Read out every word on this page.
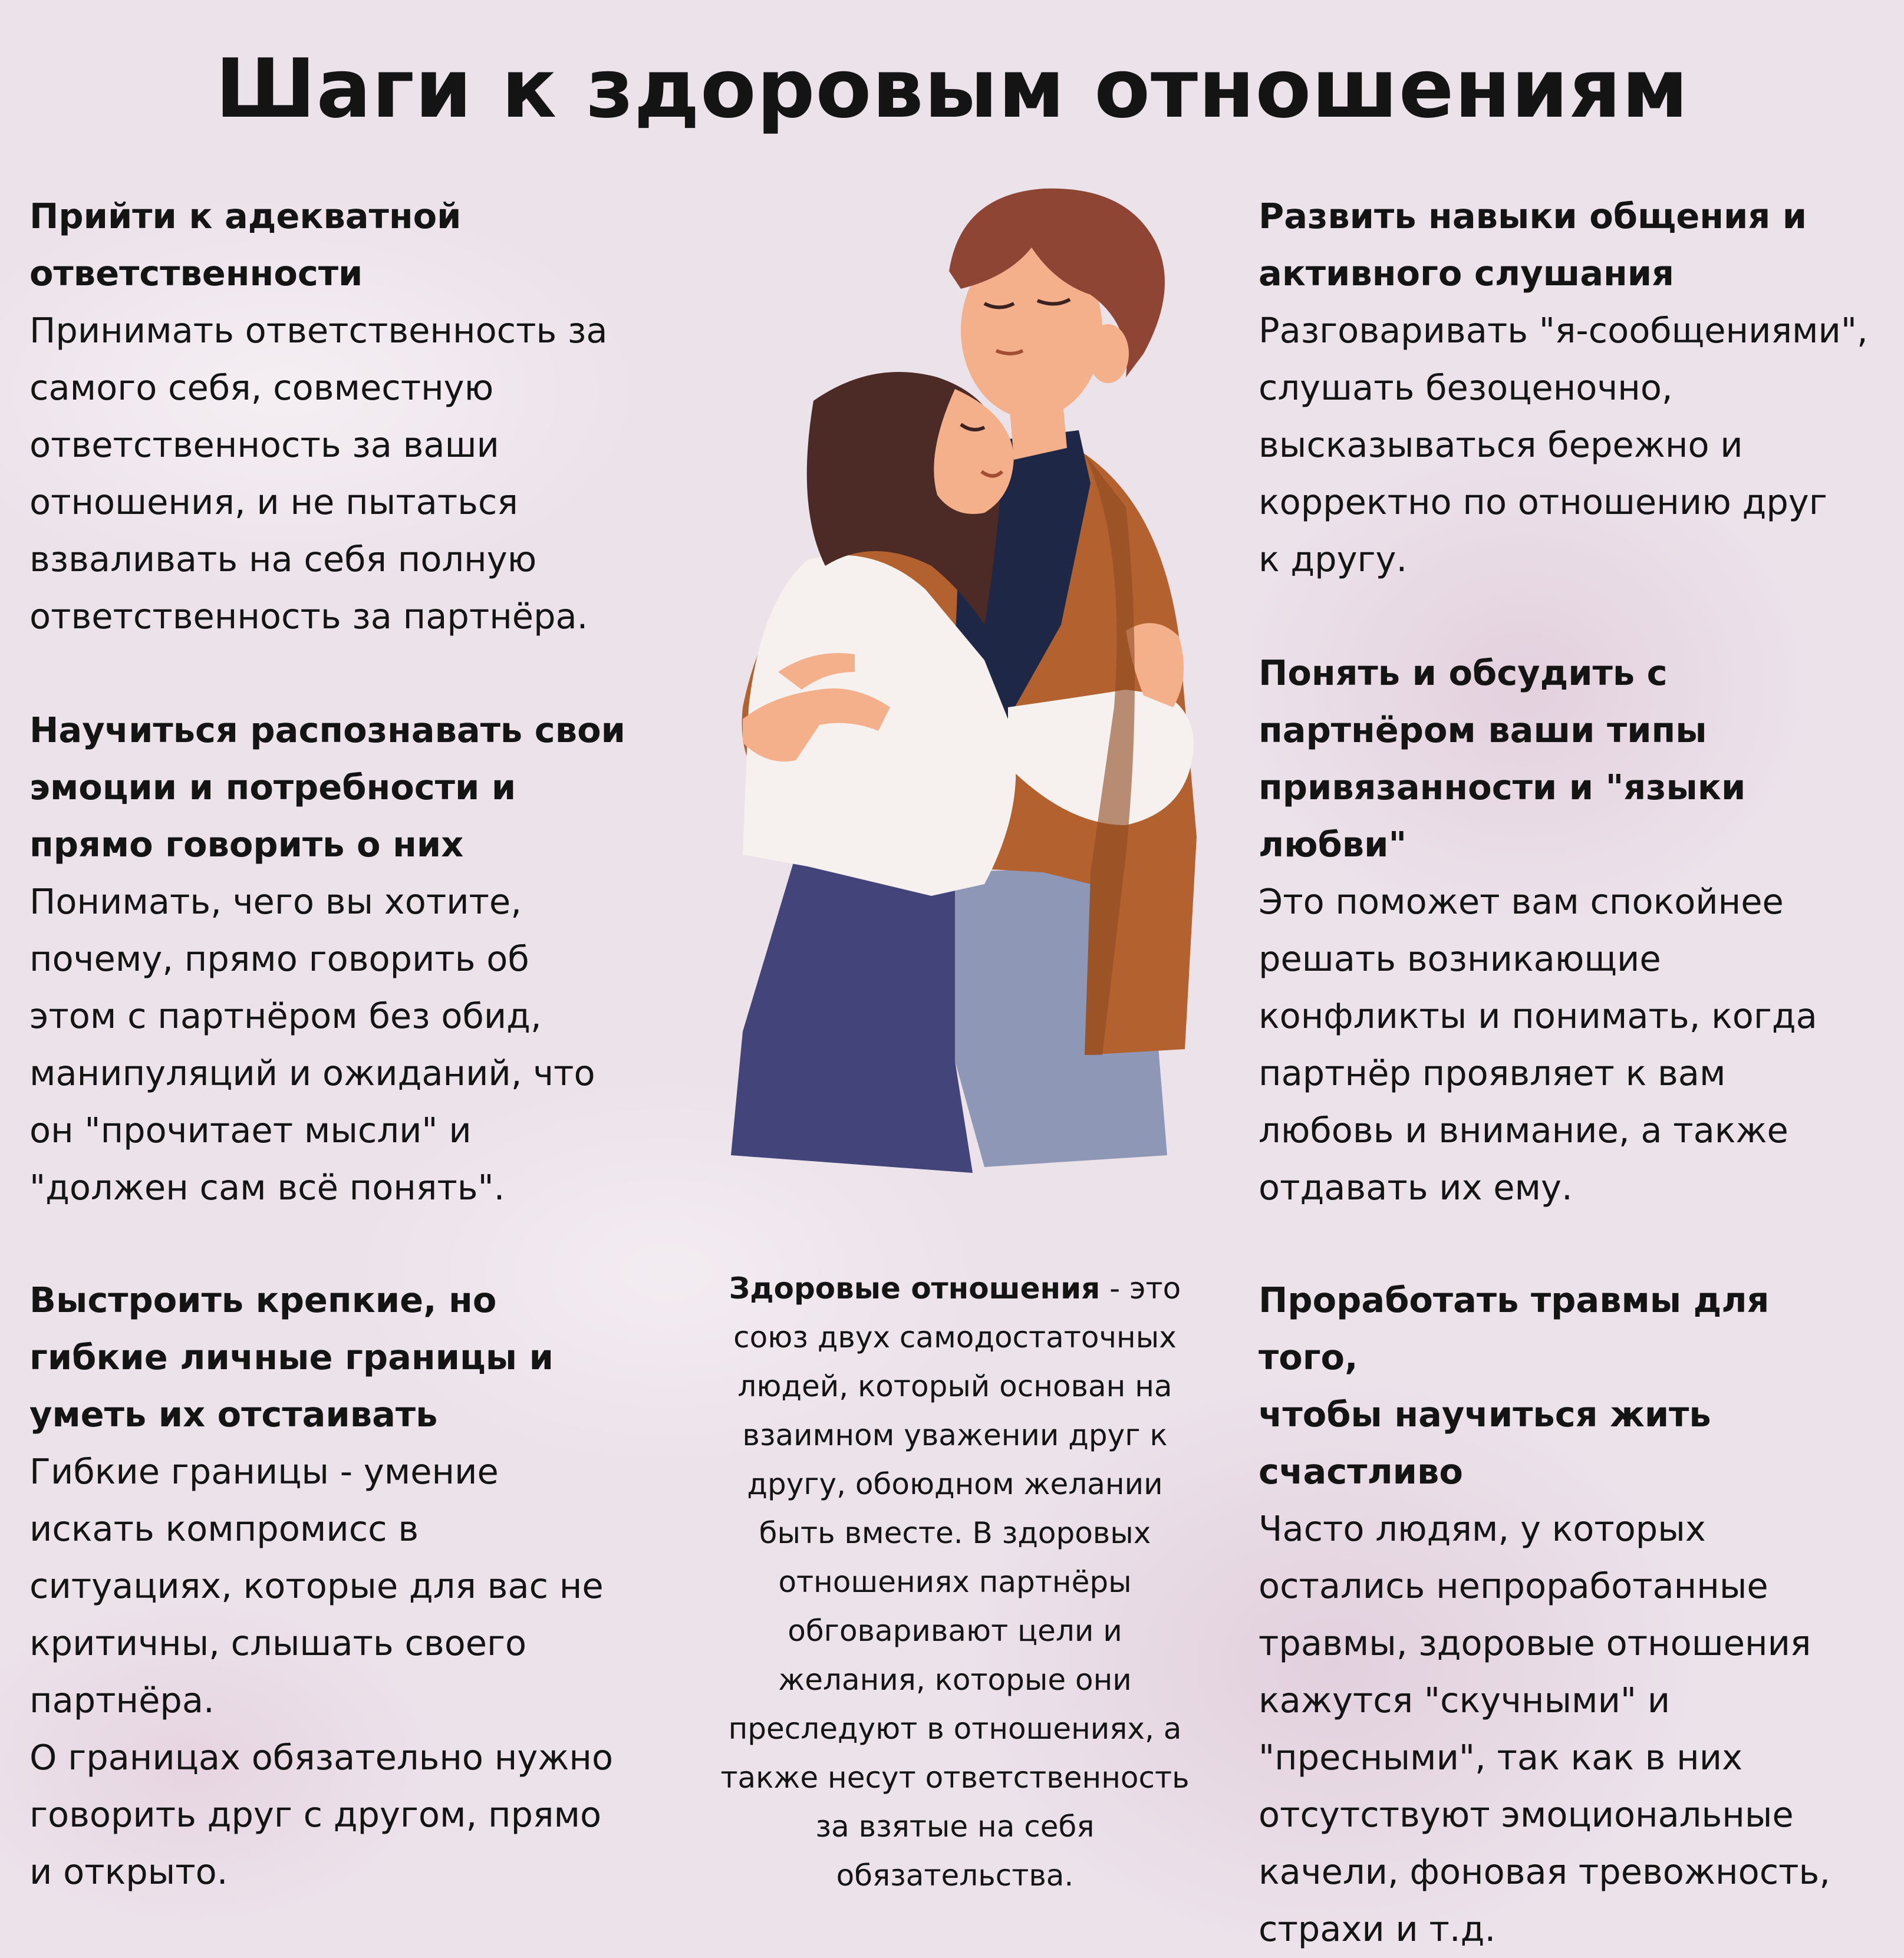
Шаги к здоровым отношениям

Прийти к адекватной
ответственности

Принимать ответственность за
самого себя, совместную
ответственность за ваши
отношения, и не пытаться
взваливать на себя полную
ответственность за партнёра.

Научиться распознавать свои
эмоции и потребности и
прямо говорить о них

Понимать, чего вы хотите,
почему, прямо говорить об
этом с партнёром без обид,
манипуляций и ожиданий, что
он "прочитает мысли" и
"должен сам всё понять".

Выстроить крепкие, но
гибкие личные границы и
уметь их отстаивать

Гибкие границы - умение
искать компромисс в
ситуациях, которые для вас не
критичны, слышать своего
партнёра.
О границах обязательно нужно
говорить друг с другом, прямо
и открыто.

Развить навыки общения и
активного слушания

Разговаривать "я-сообщениями",
слушать безоценочно,
высказываться бережно и
корректно по отношению друг
к другу.

Понять и обсудить с
партнёром ваши типы
привязанности и "языки
любви"

Это поможет вам спокойнее
решать возникающие
конфликты и понимать, когда
партнёр проявляет к вам
любовь и внимание, а также
отдавать их ему.

Проработать травмы для того,
чтобы научиться жить
счастливо

Часто людям, у которых
остались непроработанные
травмы, здоровые отношения
кажутся "скучными" и
"пресными", так как в них
отсутствуют эмоциональные
качели, фоновая тревожность,
страхи и т.д.

Здоровые отношения - это
союз двух самодостаточных
людей, который основан на
взаимном уважении друг к
другу, обоюдном желании
быть вместе. В здоровых
отношениях партнёры
обговаривают цели и
желания, которые они
преследуют в отношениях, а
также несут ответственность
за взятые на себя
обязательства.
